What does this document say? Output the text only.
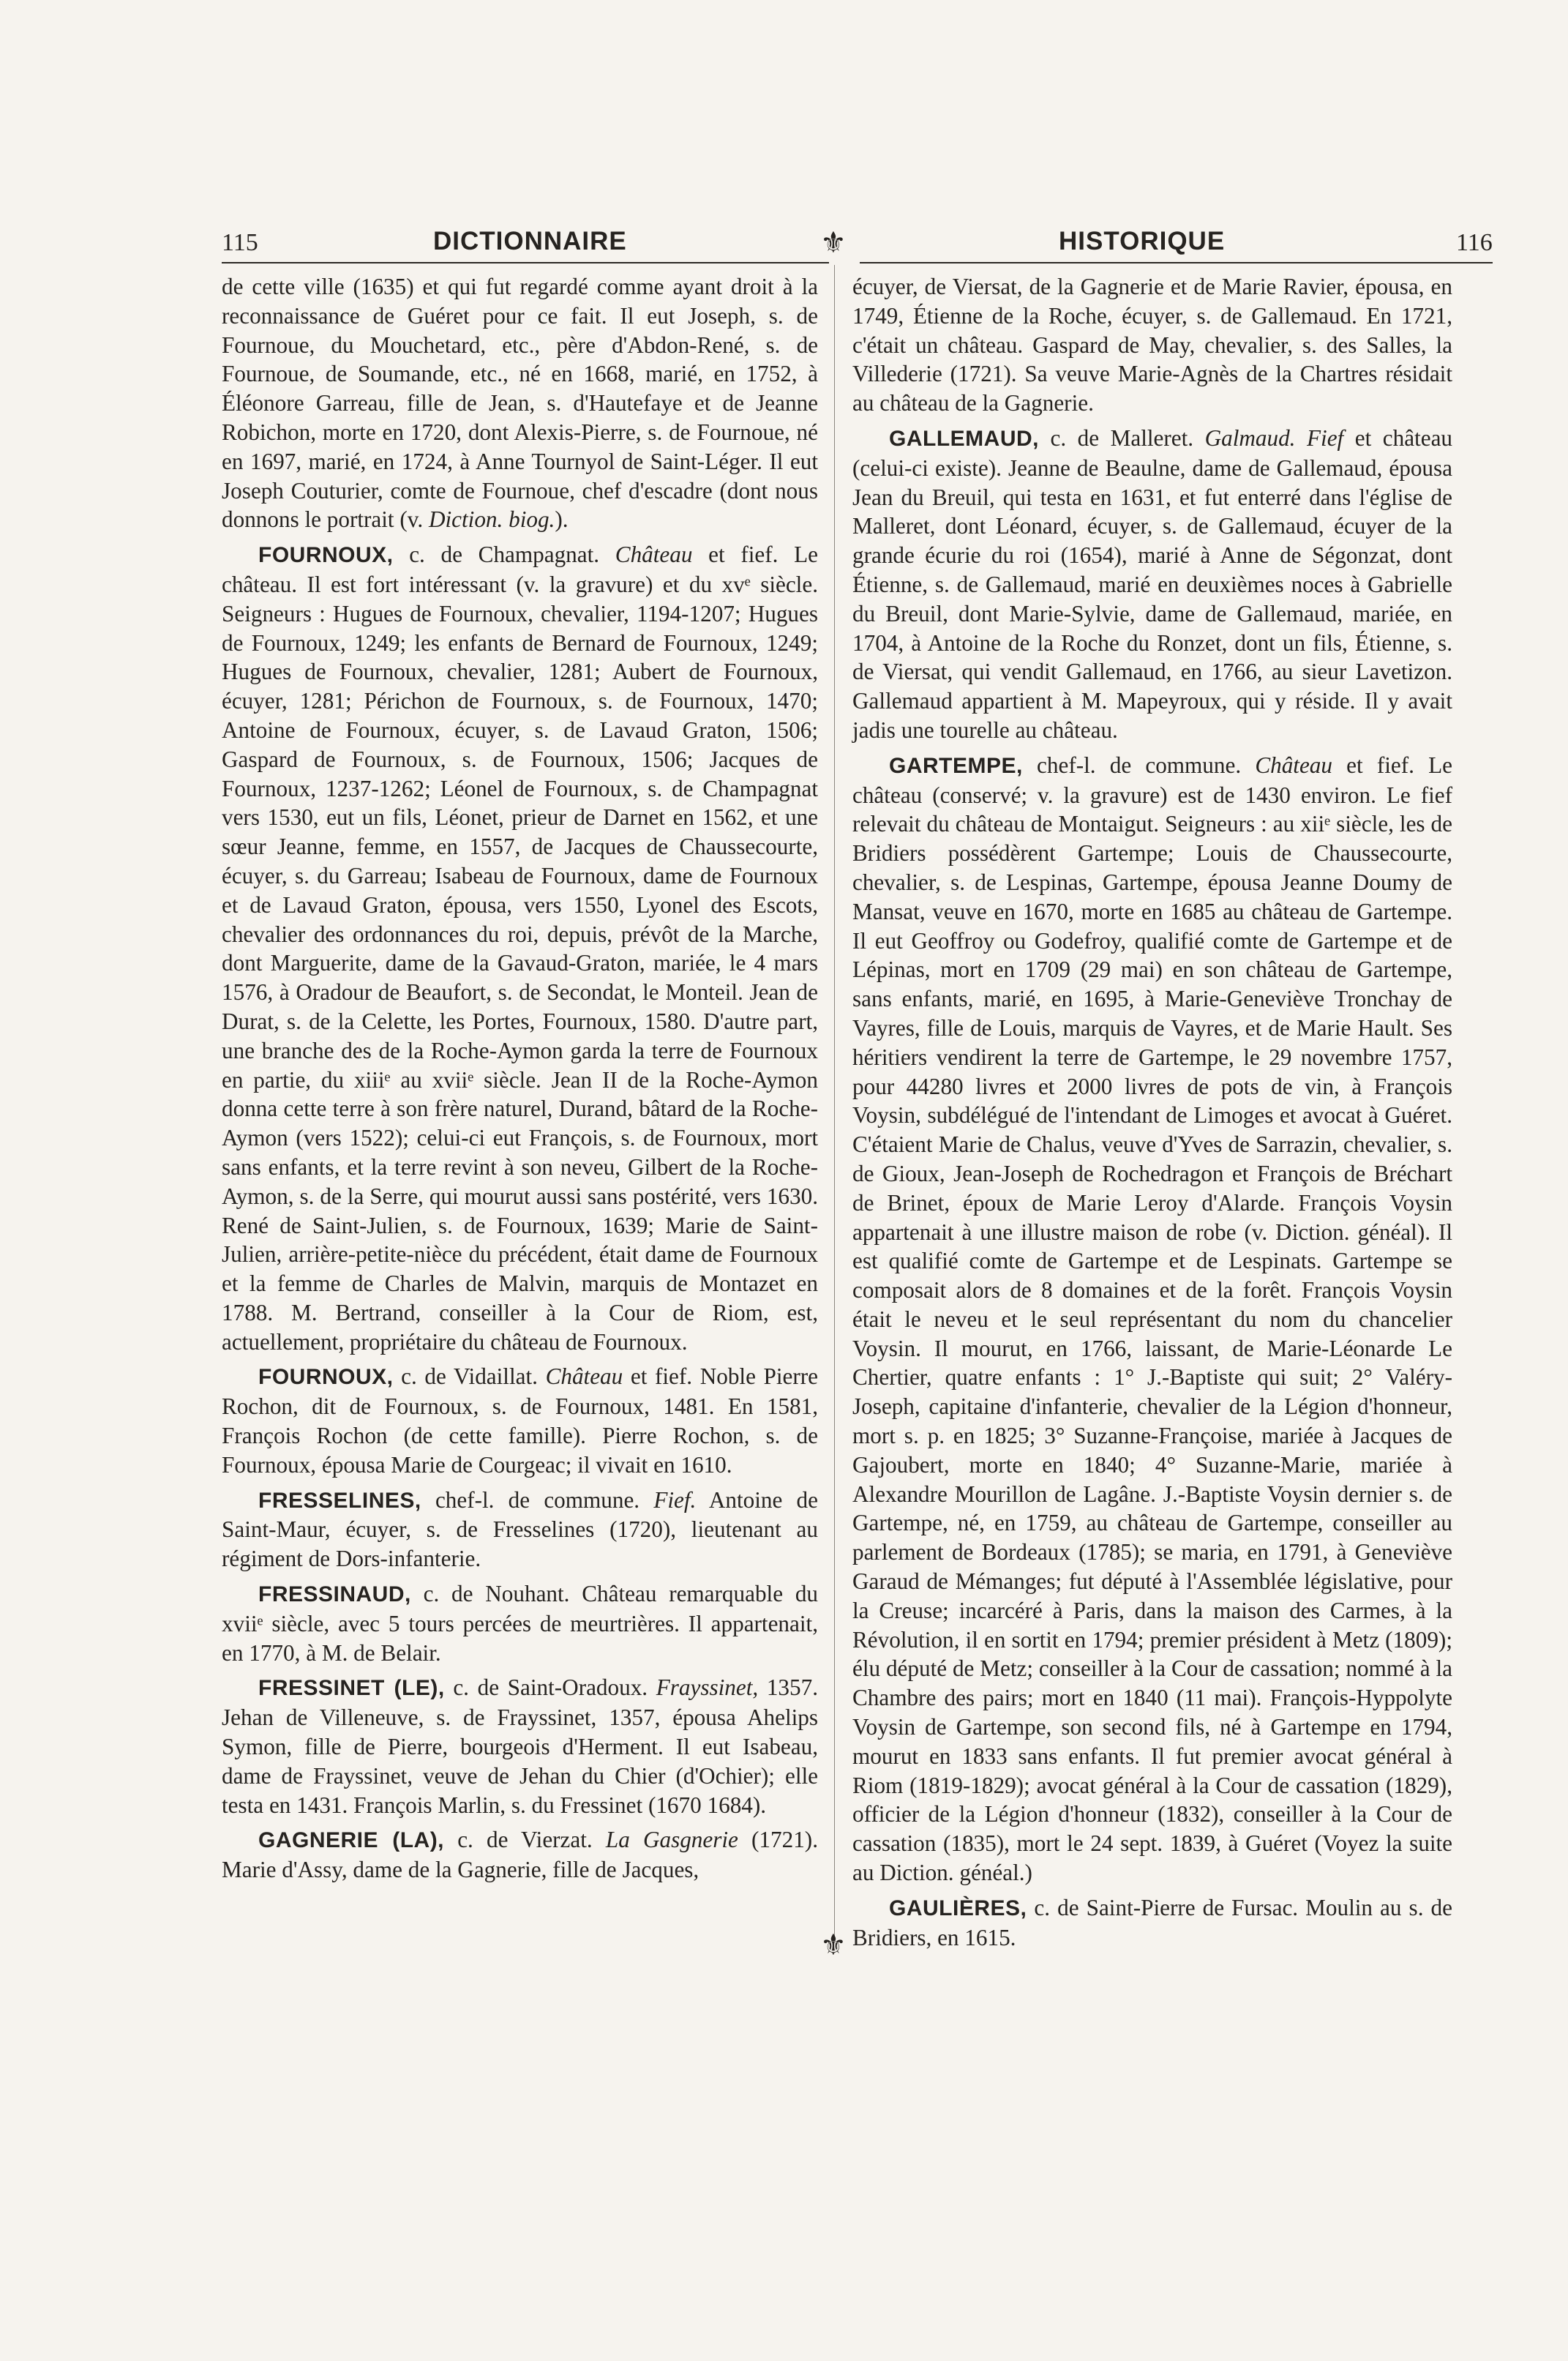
115	DICTIONNAIRE	⚜	HISTORIQUE	116
⚜

de cette ville (1635) et qui fut regardé comme ayant droit à la reconnaissance de Guéret pour ce fait. Il eut Joseph, s. de Fournoue, du Mouchetard, etc., père d'Abdon-René, s. de Fournoue, de Soumande, etc., né en 1668, marié, en 1752, à Éléonore Garreau, fille de Jean, s. d'Hautefaye et de Jeanne Robichon, morte en 1720, dont Alexis-Pierre, s. de Fournoue, né en 1697, marié, en 1724, à Anne Tournyol de Saint-Léger. Il eut Joseph Couturier, comte de Fournoue, chef d'escadre (dont nous donnons le portrait (v. Diction. biog.).

FOURNOUX, c. de Champagnat. Château et fief. Le château. Il est fort intéressant (v. la gravure) et du xvᵉ siècle. Seigneurs : Hugues de Fournoux, chevalier, 1194-1207; Hugues de Fournoux, 1249; les enfants de Bernard de Fournoux, 1249; Hugues de Fournoux, chevalier, 1281; Aubert de Fournoux, écuyer, 1281; Périchon de Fournoux, s. de Fournoux, 1470; Antoine de Fournoux, écuyer, s. de Lavaud Graton, 1506; Gaspard de Fournoux, s. de Fournoux, 1506; Jacques de Fournoux, 1237-1262; Léonel de Fournoux, s. de Champagnat vers 1530, eut un fils, Léonet, prieur de Darnet en 1562, et une sœur Jeanne, femme, en 1557, de Jacques de Chaussecourte, écuyer, s. du Garreau; Isabeau de Fournoux, dame de Fournoux et de Lavaud Graton, épousa, vers 1550, Lyonel des Escots, chevalier des ordonnances du roi, depuis, prévôt de la Marche, dont Marguerite, dame de la Gavaud-Graton, mariée, le 4 mars 1576, à Oradour de Beaufort, s. de Secondat, le Monteil. Jean de Durat, s. de la Celette, les Portes, Fournoux, 1580. D'autre part, une branche des de la Roche-Aymon garda la terre de Fournoux en partie, du xiiiᵉ au xviiᵉ siècle. Jean II de la Roche-Aymon donna cette terre à son frère naturel, Durand, bâtard de la Roche-Aymon (vers 1522); celui-ci eut François, s. de Fournoux, mort sans enfants, et la terre revint à son neveu, Gilbert de la Roche-Aymon, s. de la Serre, qui mourut aussi sans postérité, vers 1630. René de Saint-Julien, s. de Fournoux, 1639; Marie de Saint-Julien, arrière-petite-nièce du précédent, était dame de Fournoux et la femme de Charles de Malvin, marquis de Montazet en 1788. M. Bertrand, conseiller à la Cour de Riom, est, actuellement, propriétaire du château de Fournoux.

FOURNOUX, c. de Vidaillat. Château et fief. Noble Pierre Rochon, dit de Fournoux, s. de Fournoux, 1481. En 1581, François Rochon (de cette famille). Pierre Rochon, s. de Fournoux, épousa Marie de Courgeac; il vivait en 1610.

FRESSELINES, chef-l. de commune. Fief. Antoine de Saint-Maur, écuyer, s. de Fresselines (1720), lieutenant au régiment de Dors-infanterie.

FRESSINAUD, c. de Nouhant. Château remarquable du xviiᵉ siècle, avec 5 tours percées de meurtrières. Il appartenait, en 1770, à M. de Belair.

FRESSINET (LE), c. de Saint-Oradoux. Frayssinet, 1357. Jehan de Villeneuve, s. de Frayssinet, 1357, épousa Ahelips Symon, fille de Pierre, bourgeois d'Herment. Il eut Isabeau, dame de Frayssinet, veuve de Jehan du Chier (d'Ochier); elle testa en 1431. François Marlin, s. du Fressinet (1670 1684).

GAGNERIE (LA), c. de Vierzat. La Gasgnerie (1721). Marie d'Assy, dame de la Gagnerie, fille de Jacques,

écuyer, de Viersat, de la Gagnerie et de Marie Ravier, épousa, en 1749, Étienne de la Roche, écuyer, s. de Gallemaud. En 1721, c'était un château. Gaspard de May, chevalier, s. des Salles, la Villederie (1721). Sa veuve Marie-Agnès de la Chartres résidait au château de la Gagnerie.

GALLEMAUD, c. de Malleret. Galmaud. Fief et château (celui-ci existe). Jeanne de Beaulne, dame de Gallemaud, épousa Jean du Breuil, qui testa en 1631, et fut enterré dans l'église de Malleret, dont Léonard, écuyer, s. de Gallemaud, écuyer de la grande écurie du roi (1654), marié à Anne de Ségonzat, dont Étienne, s. de Gallemaud, marié en deuxièmes noces à Gabrielle du Breuil, dont Marie-Sylvie, dame de Gallemaud, mariée, en 1704, à Antoine de la Roche du Ronzet, dont un fils, Étienne, s. de Viersat, qui vendit Gallemaud, en 1766, au sieur Lavetizon. Gallemaud appartient à M. Mapeyroux, qui y réside. Il y avait jadis une tourelle au château.

GARTEMPE, chef-l. de commune. Château et fief. Le château (conservé; v. la gravure) est de 1430 environ. Le fief relevait du château de Montaigut. Seigneurs : au xiiᵉ siècle, les de Bridiers possédèrent Gartempe; Louis de Chaussecourte, chevalier, s. de Lespinas, Gartempe, épousa Jeanne Doumy de Mansat, veuve en 1670, morte en 1685 au château de Gartempe. Il eut Geoffroy ou Godefroy, qualifié comte de Gartempe et de Lépinas, mort en 1709 (29 mai) en son château de Gartempe, sans enfants, marié, en 1695, à Marie-Geneviève Tronchay de Vayres, fille de Louis, marquis de Vayres, et de Marie Hault. Ses héritiers vendirent la terre de Gartempe, le 29 novembre 1757, pour 44280 livres et 2000 livres de pots de vin, à François Voysin, subdélégué de l'intendant de Limoges et avocat à Guéret. C'étaient Marie de Chalus, veuve d'Yves de Sarrazin, chevalier, s. de Gioux, Jean-Joseph de Rochedragon et François de Bréchart de Brinet, époux de Marie Leroy d'Alarde. François Voysin appartenait à une illustre maison de robe (v. Diction. généal). Il est qualifié comte de Gartempe et de Lespinats. Gartempe se composait alors de 8 domaines et de la forêt. François Voysin était le neveu et le seul représentant du nom du chancelier Voysin. Il mourut, en 1766, laissant, de Marie-Léonarde Le Chertier, quatre enfants : 1° J.-Baptiste qui suit; 2° Valéry-Joseph, capitaine d'infanterie, chevalier de la Légion d'honneur, mort s. p. en 1825; 3° Suzanne-Françoise, mariée à Jacques de Gajoubert, morte en 1840; 4° Suzanne-Marie, mariée à Alexandre Mourillon de Lagâne. J.-Baptiste Voysin dernier s. de Gartempe, né, en 1759, au château de Gartempe, conseiller au parlement de Bordeaux (1785); se maria, en 1791, à Geneviève Garaud de Mémanges; fut député à l'Assemblée législative, pour la Creuse; incarcéré à Paris, dans la maison des Carmes, à la Révolution, il en sortit en 1794; premier président à Metz (1809); élu député de Metz; conseiller à la Cour de cassation; nommé à la Chambre des pairs; mort en 1840 (11 mai). François-Hyppolyte Voysin de Gartempe, son second fils, né à Gartempe en 1794, mourut en 1833 sans enfants. Il fut premier avocat général à Riom (1819-1829); avocat général à la Cour de cassation (1829), officier de la Légion d'honneur (1832), conseiller à la Cour de cassation (1835), mort le 24 sept. 1839, à Guéret (Voyez la suite au Diction. généal.)

GAULIÈRES, c. de Saint-Pierre de Fursac. Moulin au s. de Bridiers, en 1615.
